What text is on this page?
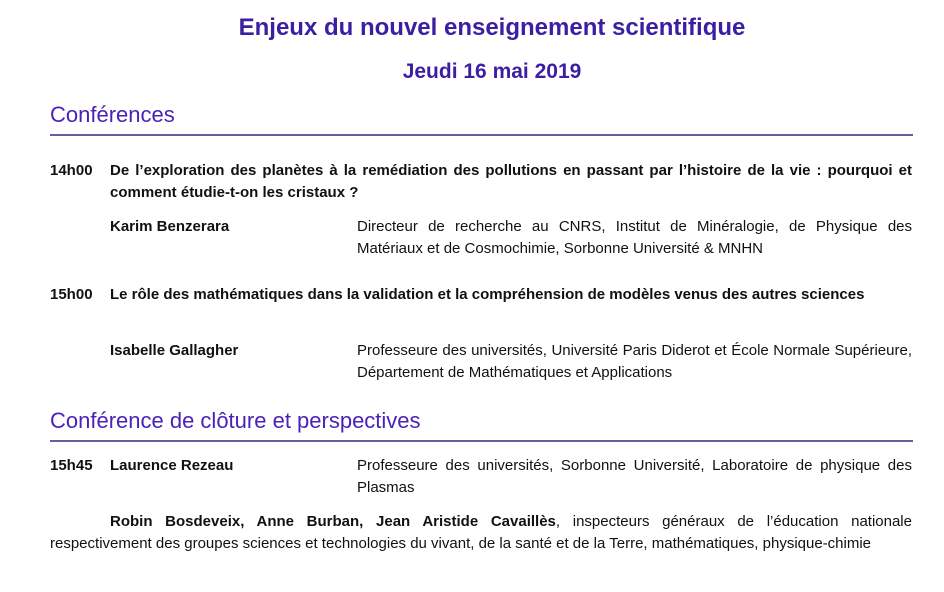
Enjeux du nouvel enseignement scientifique
Jeudi 16 mai 2019
Conférences
14h00 De l’exploration des planètes à la remédiation des pollutions en passant par l’histoire de la vie : pourquoi et comment étudie-t-on les cristaux ?
Karim Benzerara	Directeur de recherche au CNRS, Institut de Minéralogie, de Physique des Matériaux et de Cosmochimie, Sorbonne Université & MNHN
15h00 Le rôle des mathématiques dans la validation et la compréhension de modèles venus des autres sciences
Isabelle Gallagher	Professeure des universités, Université Paris Diderot et École Normale Supérieure, Département de Mathématiques et Applications
Conférence de clôture et perspectives
15h45 Laurence Rezeau	Professeure des universités, Sorbonne Université, Laboratoire de physique des Plasmas
Robin Bosdeveix, Anne Burban, Jean Aristide Cavaillès, inspecteurs généraux de l’éducation nationale respectivement des groupes sciences et technologies du vivant, de la santé et de la Terre, mathématiques, physique-chimie
